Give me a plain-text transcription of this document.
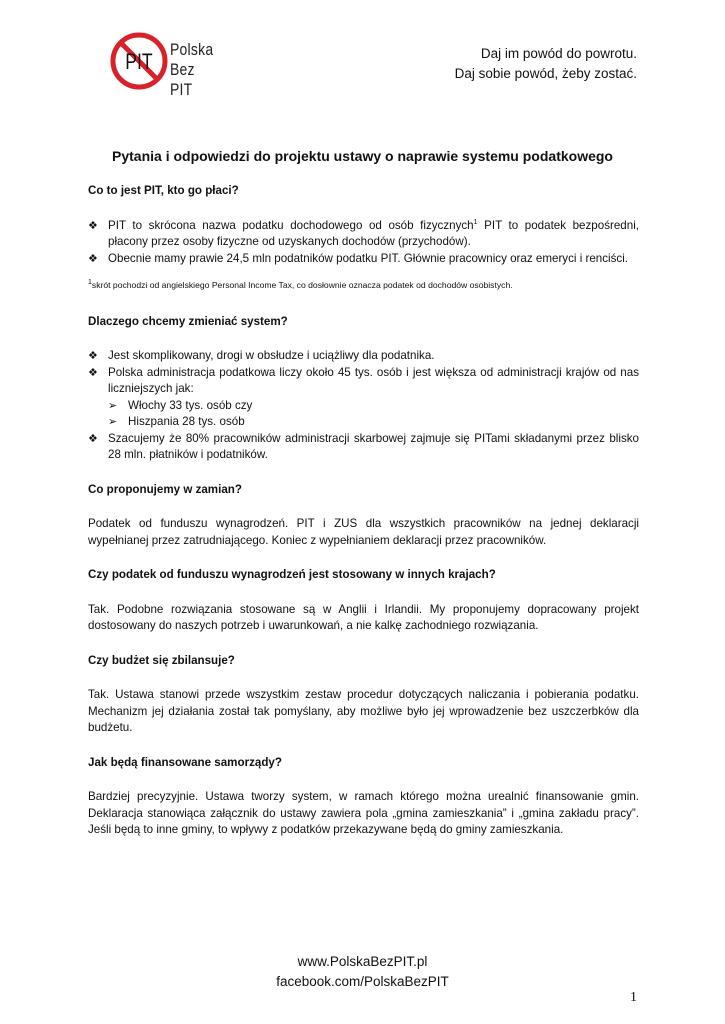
PIT
Polska
Bez PIT
Daj im powód do powrotu.
Daj sobie powód, żeby zostać.
Pytania i odpowiedzi do projektu ustawy o naprawie systemu podatkowego
Co to jest PIT, kto go płaci?
❖ PIT to skrócona nazwa podatku dochodowego od osób fizycznych$^1$ PIT to podatek bezpośredni, płacony przez osoby fizyczne od uzyskanych dochodów (przychodów).
❖ Obecnie mamy prawie 24,5 mln podatników podatku PIT. Głównie pracownicy oraz emeryci i renciści.
$^1$skrót pochodzi od angielskiego Personal Income Tax, co dosłownie oznacza podatek od dochodów osobistych.
Dlaczego chcemy zmieniać system?
❖ Jest skomplikowany, drogi w obsłudze i uciążliwy dla podatnika.
❖ Polska administracja podatkowa liczy około 45 tys. osób i jest większa od administracji krajów od nas liczniejszych jak:
➢ Włochy 33 tys. osób czy
➢ Hiszpania 28 tys. osób
❖ Szacujemy że 80% pracowników administracji skarbowej zajmuje się PITami składanymi przez blisko 28 mln. płatników i podatników.
Co proponujemy w zamian?
Podatek od funduszu wynagrodzeń. PIT i ZUS dla wszystkich pracowników na jednej deklaracji wypełnianej przez zatrudniającego. Koniec z wypełnianiem deklaracji przez pracowników.
Czy podatek od funduszu wynagrodzeń jest stosowany w innych krajach?
Tak. Podobne rozwiązania stosowane są w Anglii i Irlandii. My proponujemy dopracowany projekt dostosowany do naszych potrzeb i uwarunkowań, a nie kalkę zachodniego rozwiązania.
Czy budżet się zbilansuje?
Tak. Ustawa stanowi przede wszystkim zestaw procedur dotyczących naliczania i pobierania podatku. Mechanizm jej działania został tak pomyślany, aby możliwe było jej wprowadzenie bez uszczerbków dla budżetu.
Jak będą finansowane samorządy?
Bardziej precyzyjnie. Ustawa tworzy system, w ramach którego można urealnić finansowanie gmin. Deklaracja stanowiąca załącznik do ustawy zawiera pola „gmina zamieszkania” i „gmina zakładu pracy”. Jeśli będą to inne gminy, to wpływy z podatków przekazywane będą do gminy zamieszkania.
www.PolskaBezPIT.pl
facebook.com/PolskaBezPIT
1
